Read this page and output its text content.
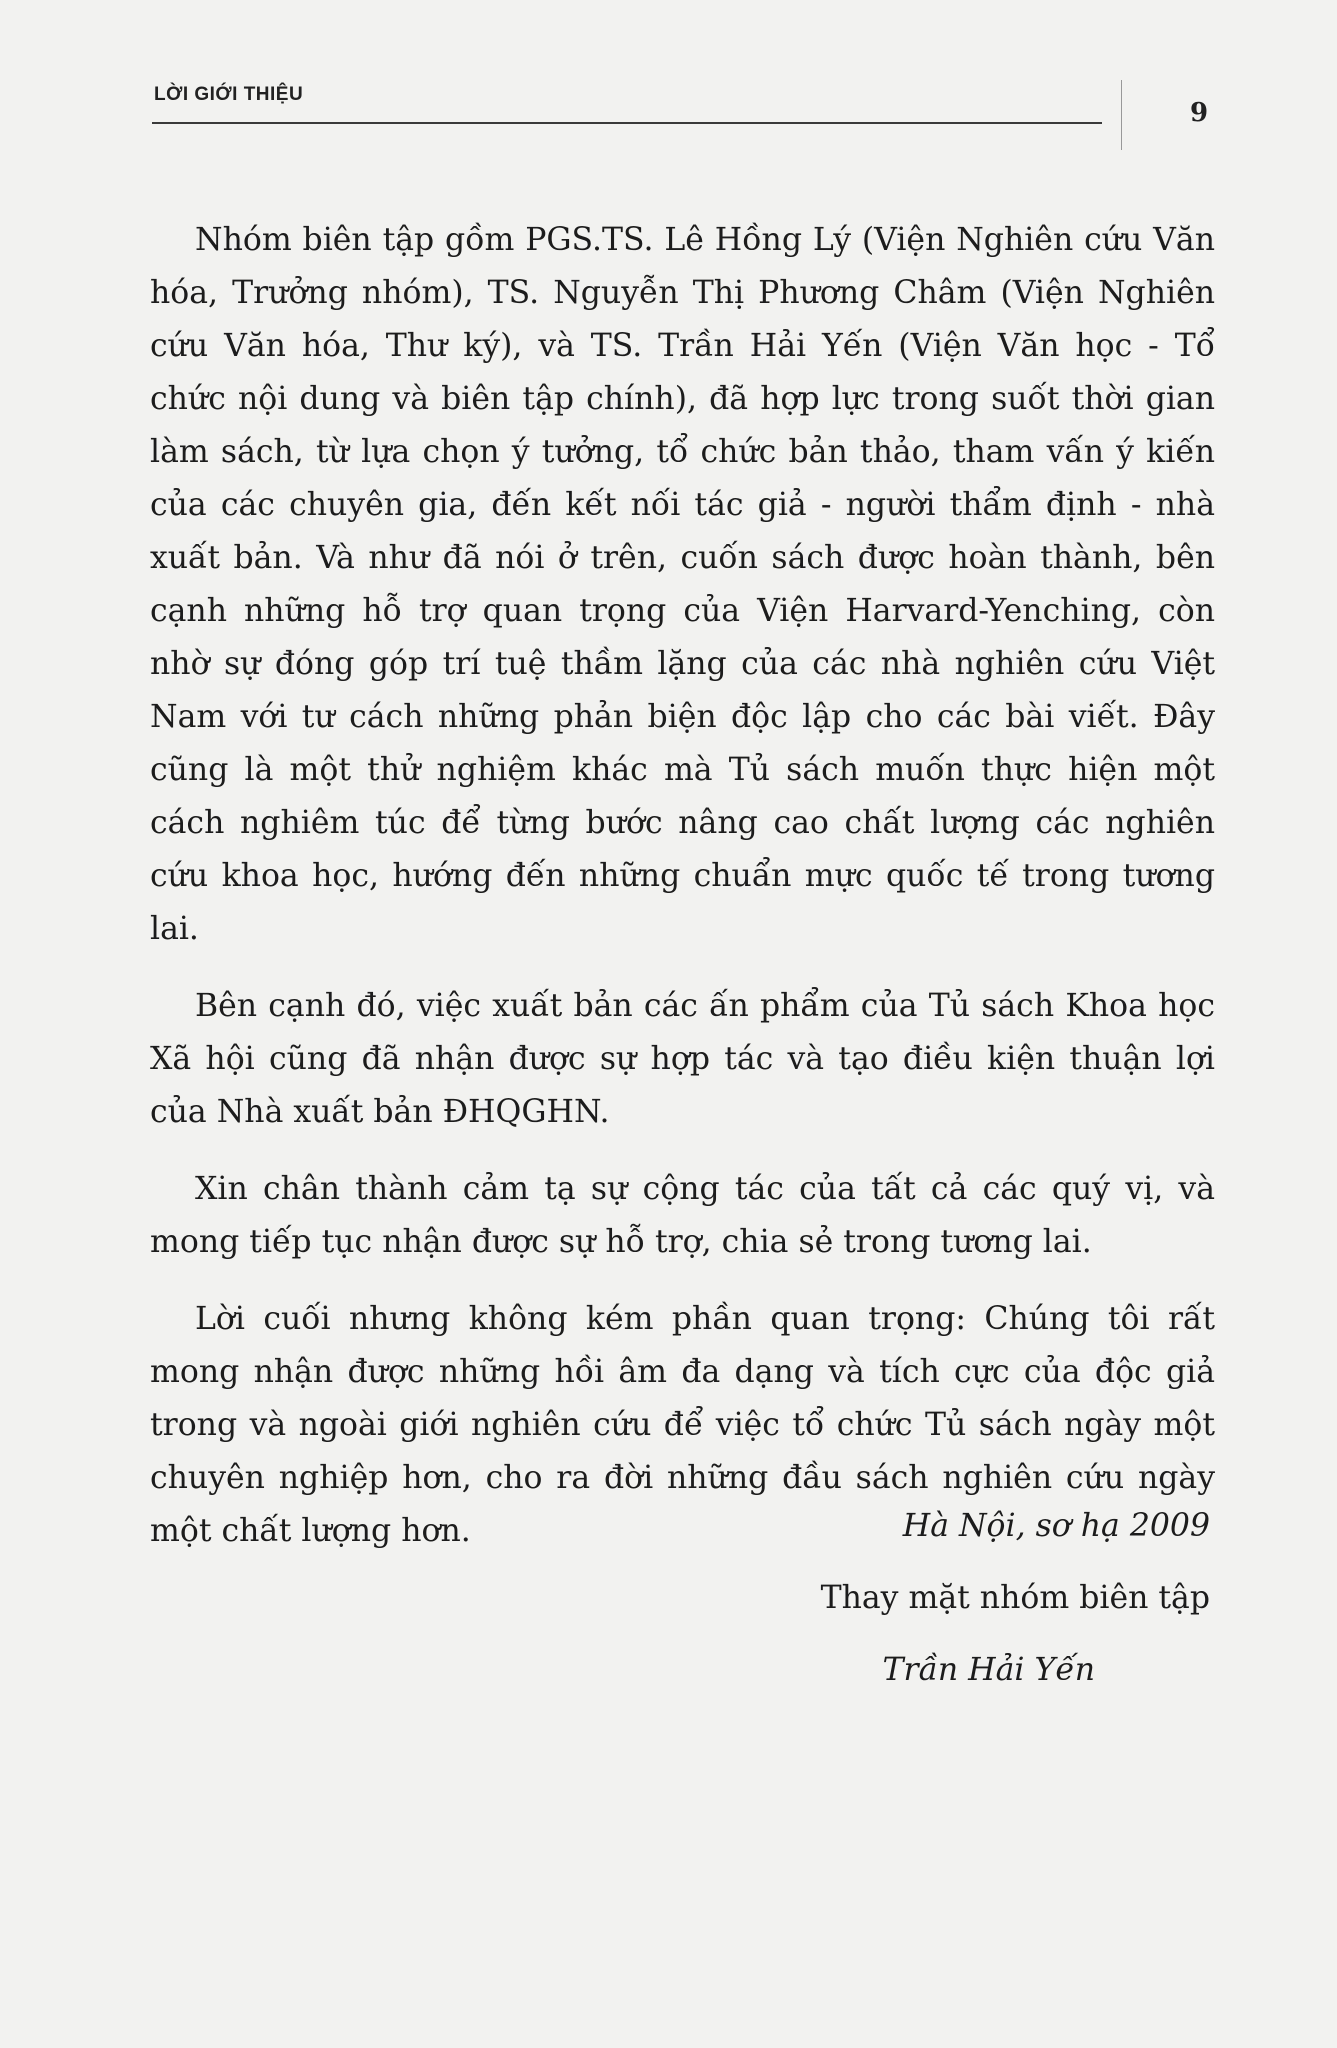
LỜI GIỚI THIỆU
9

Nhóm biên tập gồm PGS.TS. Lê Hồng Lý (Viện Nghiên cứu Văn hóa, Trưởng nhóm), TS. Nguyễn Thị Phương Châm (Viện Nghiên cứu Văn hóa, Thư ký), và TS. Trần Hải Yến (Viện Văn học - Tổ chức nội dung và biên tập chính), đã hợp lực trong suốt thời gian làm sách, từ lựa chọn ý tưởng, tổ chức bản thảo, tham vấn ý kiến của các chuyên gia, đến kết nối tác giả - người thẩm định - nhà xuất bản. Và như đã nói ở trên, cuốn sách được hoàn thành, bên cạnh những hỗ trợ quan trọng của Viện Harvard-Yenching, còn nhờ sự đóng góp trí tuệ thầm lặng của các nhà nghiên cứu Việt Nam với tư cách những phản biện độc lập cho các bài viết. Đây cũng là một thử nghiệm khác mà Tủ sách muốn thực hiện một cách nghiêm túc để từng bước nâng cao chất lượng các nghiên cứu khoa học, hướng đến những chuẩn mực quốc tế trong tương lai.

Bên cạnh đó, việc xuất bản các ấn phẩm của Tủ sách Khoa học Xã hội cũng đã nhận được sự hợp tác và tạo điều kiện thuận lợi của Nhà xuất bản ĐHQGHN.

Xin chân thành cảm tạ sự cộng tác của tất cả các quý vị, và mong tiếp tục nhận được sự hỗ trợ, chia sẻ trong tương lai.

Lời cuối nhưng không kém phần quan trọng: Chúng tôi rất mong nhận được những hồi âm đa dạng và tích cực của độc giả trong và ngoài giới nghiên cứu để việc tổ chức Tủ sách ngày một chuyên nghiệp hơn, cho ra đời những đầu sách nghiên cứu ngày một chất lượng hơn.	Hà Nội, sơ hạ 2009
Thay mặt nhóm biên tập
Trần Hải Yến
